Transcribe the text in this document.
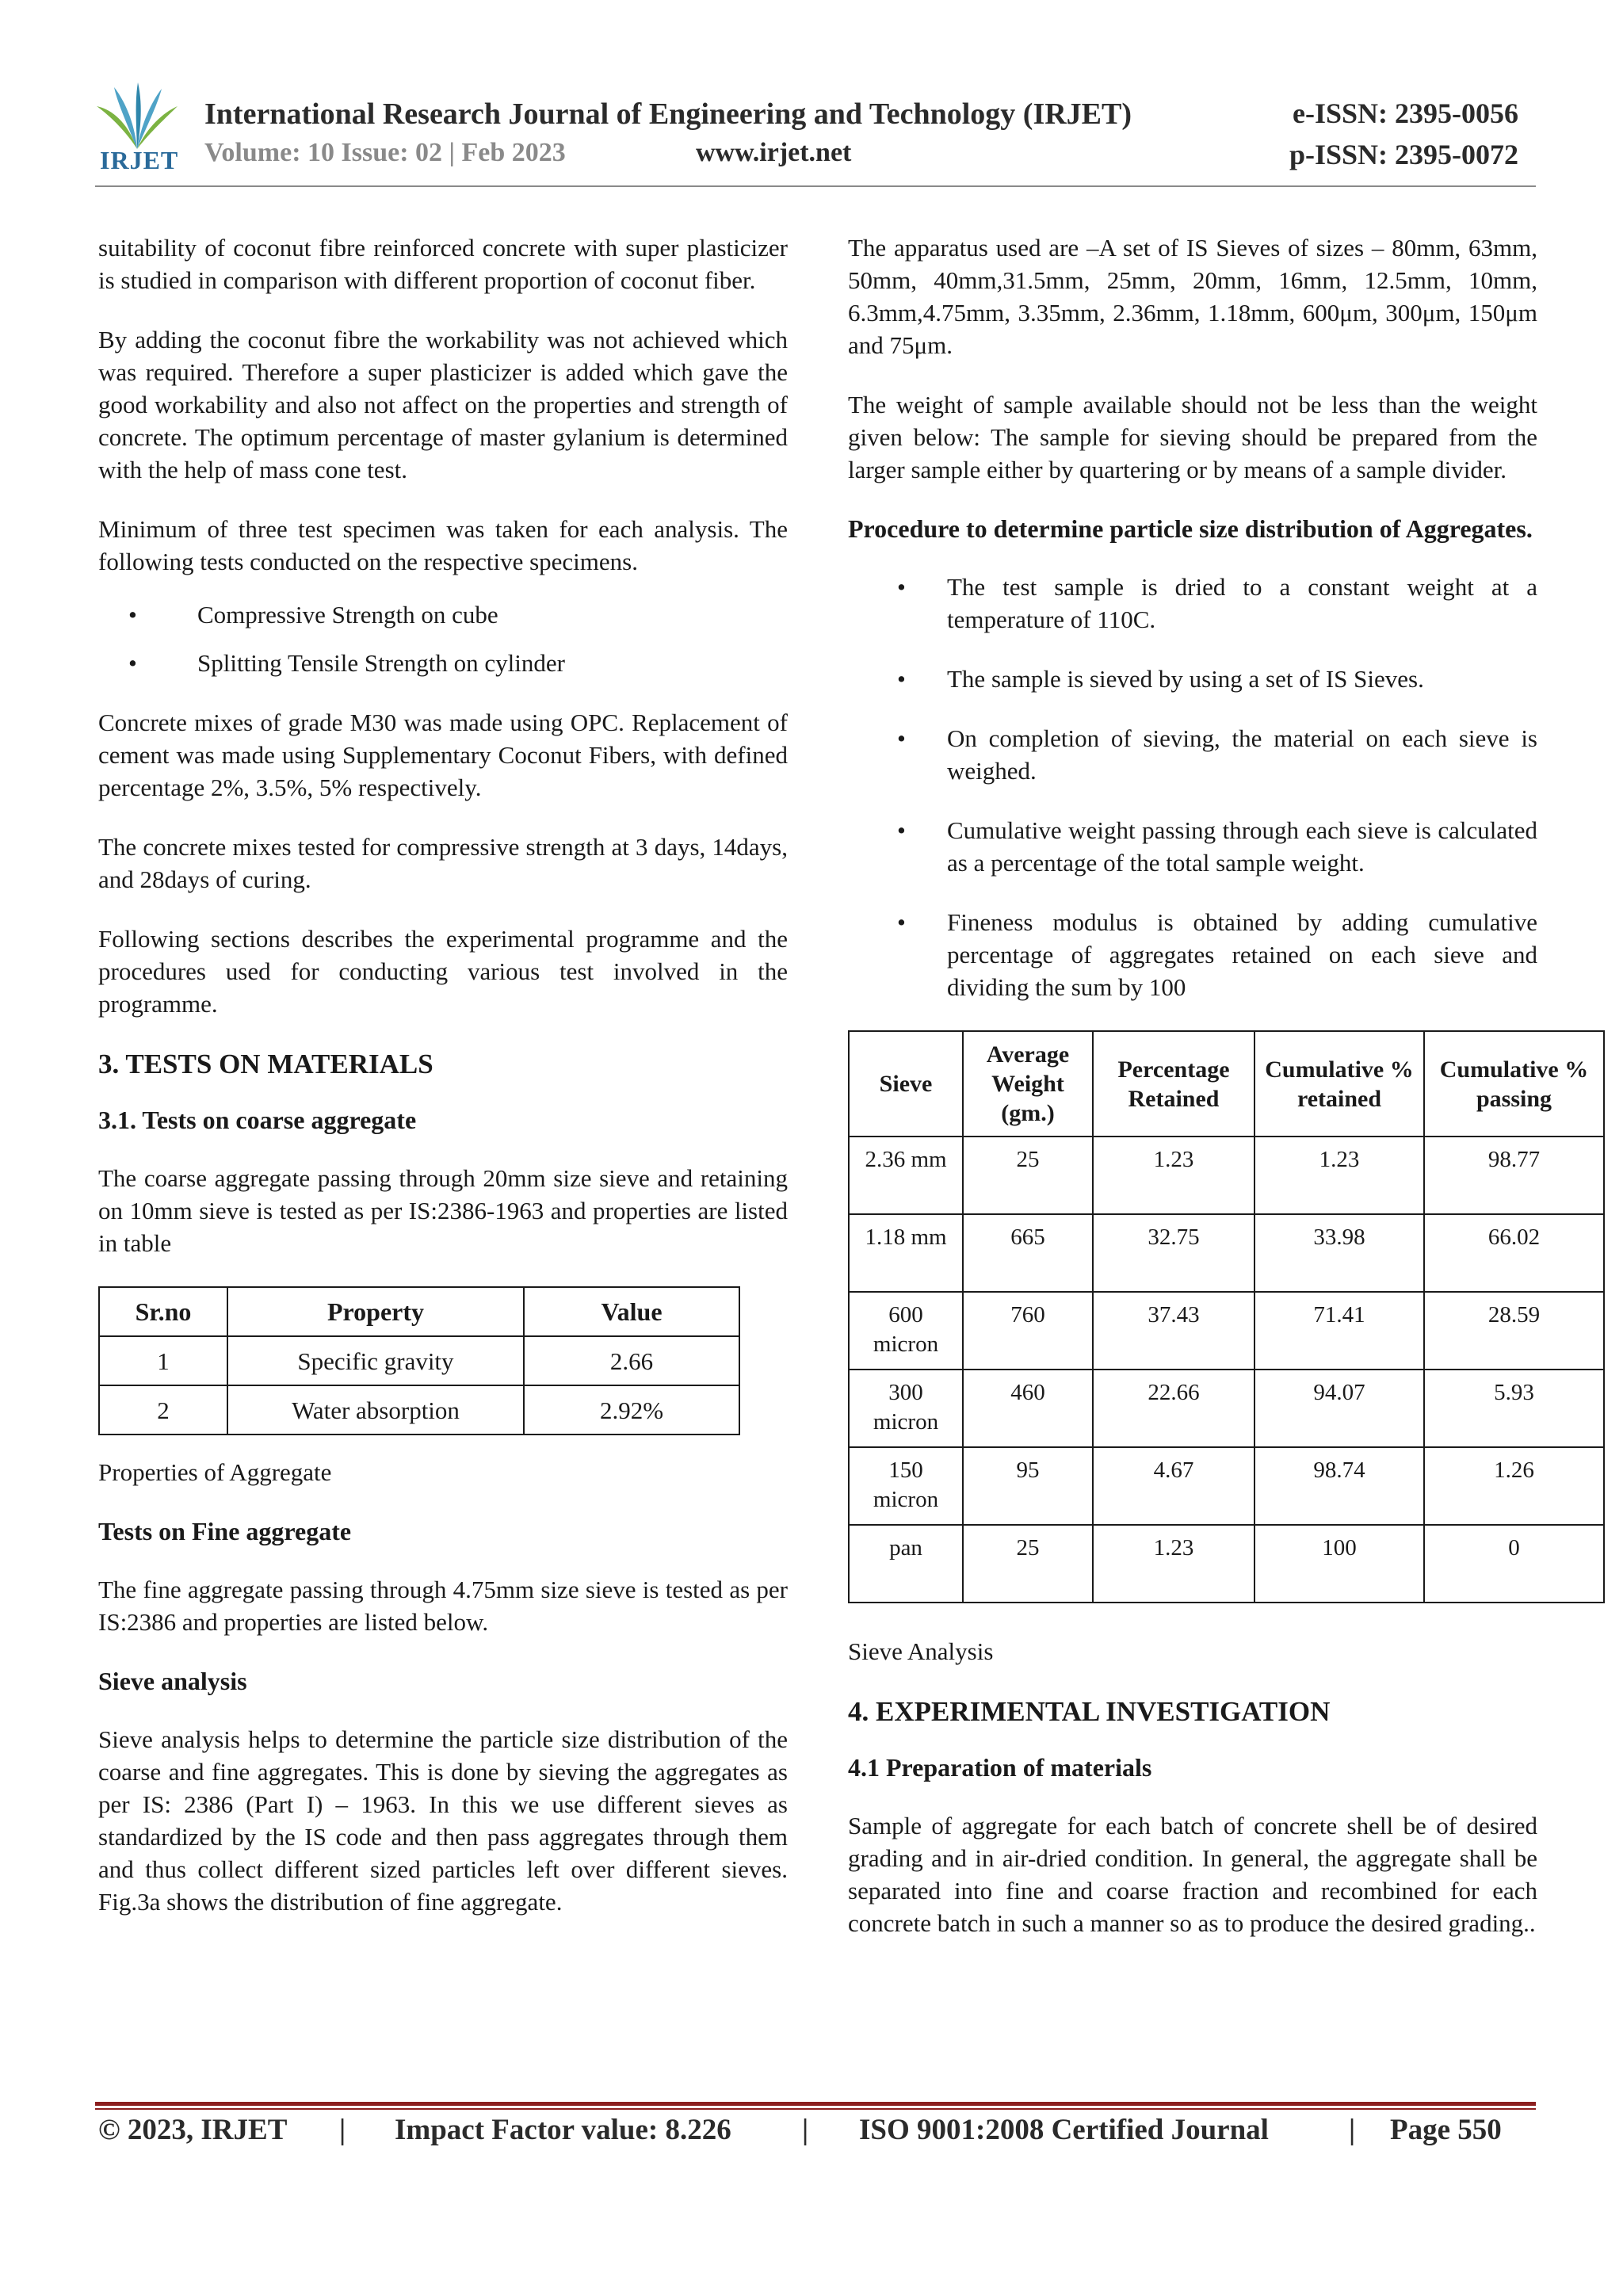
IRJET
International Research Journal of Engineering and Technology (IRJET)	e-ISSN: 2395-0056
Volume: 10 Issue: 02 | Feb 2023	www.irjet.net	p-ISSN: 2395-0072

suitability of coconut fibre reinforced concrete with super plasticizer is studied in comparison with different proportion of coconut fiber.

By adding the coconut fibre the workability was not achieved which was required. Therefore a super plasticizer is added which gave the good workability and also not affect on the properties and strength of concrete. The optimum percentage of master gylanium is determined with the help of mass cone test.

Minimum of three test specimen was taken for each analysis. The following tests conducted on the respective specimens.

• Compressive Strength on cube
• Splitting Tensile Strength on cylinder

Concrete mixes of grade M30 was made using OPC. Replacement of cement was made using Supplementary Coconut Fibers, with defined percentage 2%, 3.5%, 5% respectively.

The concrete mixes tested for compressive strength at 3 days, 14days, and 28days of curing.

Following sections describes the experimental programme and the procedures used for conducting various test involved in the programme.

3. TESTS ON MATERIALS
3.1. Tests on coarse aggregate

The coarse aggregate passing through 20mm size sieve and retaining on 10mm sieve is tested as per IS:2386-1963 and properties are listed in table

Sr.no	Property	Value
1	Specific gravity	2.66
2	Water absorption	2.92%

Properties of Aggregate

Tests on Fine aggregate

The fine aggregate passing through 4.75mm size sieve is tested as per IS:2386 and properties are listed below.

Sieve analysis

Sieve analysis helps to determine the particle size distribution of the coarse and fine aggregates. This is done by sieving the aggregates as per IS: 2386 (Part I) – 1963. In this we use different sieves as standardized by the IS code and then pass aggregates through them and thus collect different sized particles left over different sieves. Fig.3a shows the distribution of fine aggregate.

The apparatus used are –A set of IS Sieves of sizes – 80mm, 63mm, 50mm, 40mm,31.5mm, 25mm, 20mm, 16mm, 12.5mm, 10mm, 6.3mm,4.75mm, 3.35mm, 2.36mm, 1.18mm, 600μm, 300μm, 150μm and 75μm.

The weight of sample available should not be less than the weight given below: The sample for sieving should be prepared from the larger sample either by quartering or by means of a sample divider.

Procedure to determine particle size distribution of Aggregates.
• The test sample is dried to a constant weight at a temperature of 110C.
• The sample is sieved by using a set of IS Sieves.
• On completion of sieving, the material on each sieve is weighed.
• Cumulative weight passing through each sieve is calculated as a percentage of the total sample weight.
• Fineness modulus is obtained by adding cumulative percentage of aggregates retained on each sieve and dividing the sum by 100
Sieve	Average Weight (gm.)	Percentage Retained	Cumulative % retained	Cumulative % passing
2.36 mm	25	1.23	1.23	98.77
1.18 mm	665	32.75	33.98	66.02
600 micron	760	37.43	71.41	28.59
300 micron	460	22.66	94.07	5.93
150 micron	95	4.67	98.74	1.26
pan	25	1.23	100	0

Sieve Analysis

4. EXPERIMENTAL INVESTIGATION
4.1 Preparation of materials

Sample of aggregate for each batch of concrete shell be of desired grading and in air-dried condition. In general, the aggregate shall be separated into fine and coarse fraction and recombined for each concrete batch in such a manner so as to produce the desired grading..

© 2023, IRJET | Impact Factor value: 8.226 | ISO 9001:2008 Certified Journal	| Page 550
